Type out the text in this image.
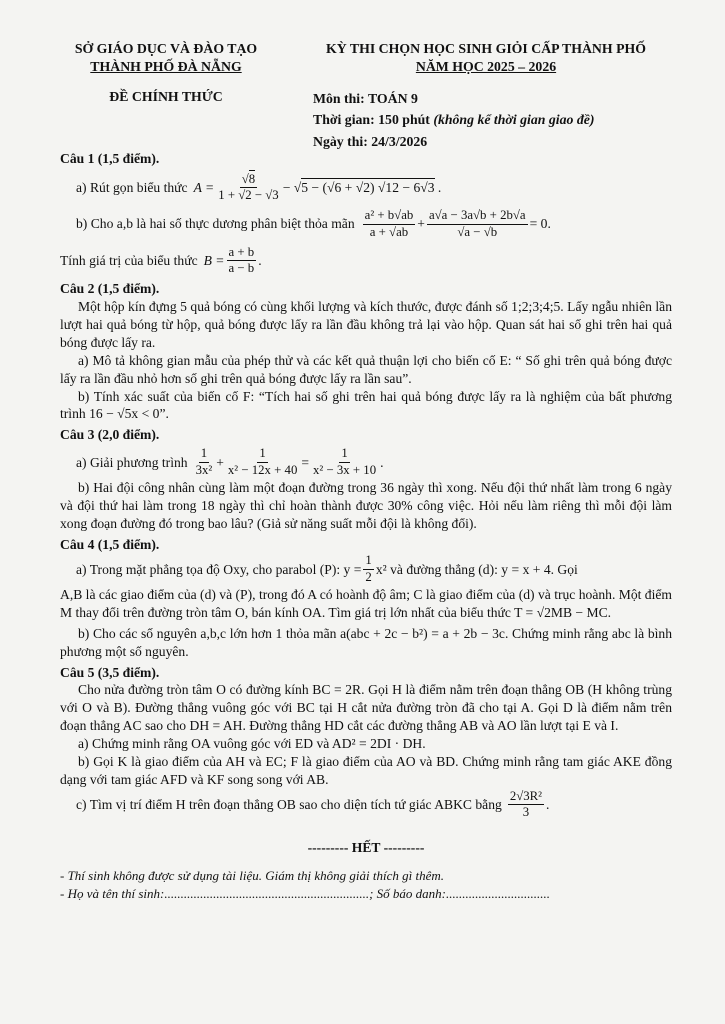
SỞ GIÁO DỤC VÀ ĐÀO TẠO
THÀNH PHỐ ĐÀ NẴNG
ĐỀ CHÍNH THỨC
KỲ THI CHỌN HỌC SINH GIỎI CẤP THÀNH PHỐ
NĂM HỌC 2025 – 2026
Môn thi: TOÁN 9
Thời gian: 150 phút (không kể thời gian giao đề)
Ngày thi: 24/3/2026
Câu 1 (1,5 điểm).
a) Rút gọn biểu thức $A = \frac{√8}{1 + √2 - √3} - √5 - (√6 + √2) √12 - 6√3$ .
b) Cho a,b là hai số thực dương phân biệt thỏa mãn $\frac{\text{a² + b√ab}}{a + √ab} + \frac{a√a - 3a√b + 2b√a}{√a - √b} = 0$.
Tính giá trị của biểu thức $B = \frac{a + b}{a - b}$ .
Câu 2 (1,5 điểm).

Một hộp kín đựng 5 quả bóng có cùng khối lượng và kích thước, được đánh số 1;2;3;4;5. Lấy ngẫu nhiên lần lượt hai quả bóng từ hộp, quả bóng được lấy ra lần đầu không trả lại vào hộp. Quan sát hai số ghi trên hai quả bóng được lấy ra.

a) Mô tả không gian mẫu của phép thử và các kết quả thuận lợi cho biến cố E: “ Số ghi trên quả bóng được lấy ra lần đầu nhỏ hơn số ghi trên quả bóng được lấy ra lần sau”.

b) Tính xác suất của biến cố F: “Tích hai số ghi trên hai quả bóng được lấy ra là nghiệm của bất phương trình 16 − √5x < 0”.

Câu 3 (2,0 điểm).
a) Giải phương trình $\frac{1}{\text{3x²}} + \frac{1}{\text{x² − 12x + 40}} = \frac{1}{\text{x² − 3x + 10}}$ .

b) Hai đội công nhân cùng làm một đoạn đường trong 36 ngày thì xong. Nếu đội thứ nhất làm trong 6 ngày và đội thứ hai làm trong 18 ngày thì chỉ hoàn thành được 30% công việc. Hỏi nếu làm riêng thì mỗi đội làm xong đoạn đường đó trong bao lâu? (Giả sử năng suất mỗi đội là không đổi).

Câu 4 (1,5 điểm).
a) Trong mặt phẳng tọa độ Oxy, cho parabol (P): $y = \frac{1}{2} x^2$ và đường thẳng (d): y = x + 4. Gọi

A,B là các giao điểm của (d) và (P), trong đó A có hoành độ âm; C là giao điểm của (d) và trục hoành. Một điểm M thay đổi trên đường tròn tâm O, bán kính OA. Tìm giá trị lớn nhất của biểu thức T = √2MB − MC.

b) Cho các số nguyên a,b,c lớn hơn 1 thỏa mãn a(abc + 2c − b²) = a + 2b − 3c. Chứng minh rằng abc là bình phương một số nguyên.

Câu 5 (3,5 điểm).

Cho nửa đường tròn tâm O có đường kính BC = 2R. Gọi H là điểm nằm trên đoạn thẳng OB (H không trùng với O và B). Đường thẳng vuông góc với BC tại H cắt nửa đường tròn đã cho tại A. Gọi D là điểm nằm trên đoạn thẳng AC sao cho DH = AH. Đường thẳng HD cắt các đường thẳng AB và AO lần lượt tại E và I.

a) Chứng minh rằng OA vuông góc với ED và AD² = 2DI · DH.

b) Gọi K là giao điểm của AH và EC; F là giao điểm của AO và BD. Chứng minh rằng tam giác AKE đồng dạng với tam giác AFD và KF song song với AB.

c) Tìm vị trí điểm H trên đoạn thẳng OB sao cho diện tích tứ giác ABKC bằng $\frac{\text{2√3R²}}{3}$ .
--------- HẾT ---------
- Thí sinh không được sử dụng tài liệu. Giám thị không giải thích gì thêm.
- Họ và tên thí sinh:...............................................................; Số báo danh:................................
